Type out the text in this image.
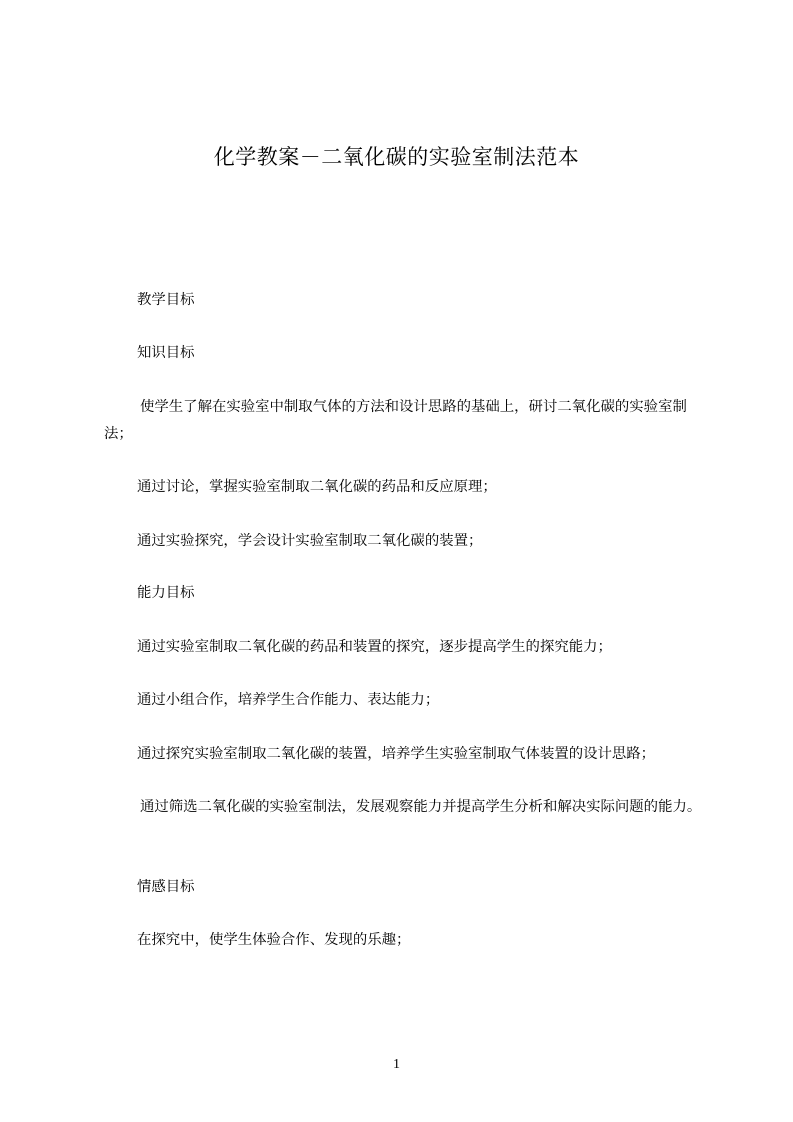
化学教案－二氧化碳的实验室制法范本

教学目标

知识目标

使学生了解在实验室中制取气体的方法和设计思路的基础上，研讨二氧化碳的实验室制法；

通过讨论，掌握实验室制取二氧化碳的药品和反应原理；

通过实验探究，学会设计实验室制取二氧化碳的装置；

能力目标

通过实验室制取二氧化碳的药品和装置的探究，逐步提高学生的探究能力；

通过小组合作，培养学生合作能力、表达能力；

通过探究实验室制取二氧化碳的装置，培养学生实验室制取气体装置的设计思路；

通过筛选二氧化碳的实验室制法，发展观察能力并提高学生分析和解决实际问题的能力。

情感目标

在探究中，使学生体验合作、发现的乐趣；

1
